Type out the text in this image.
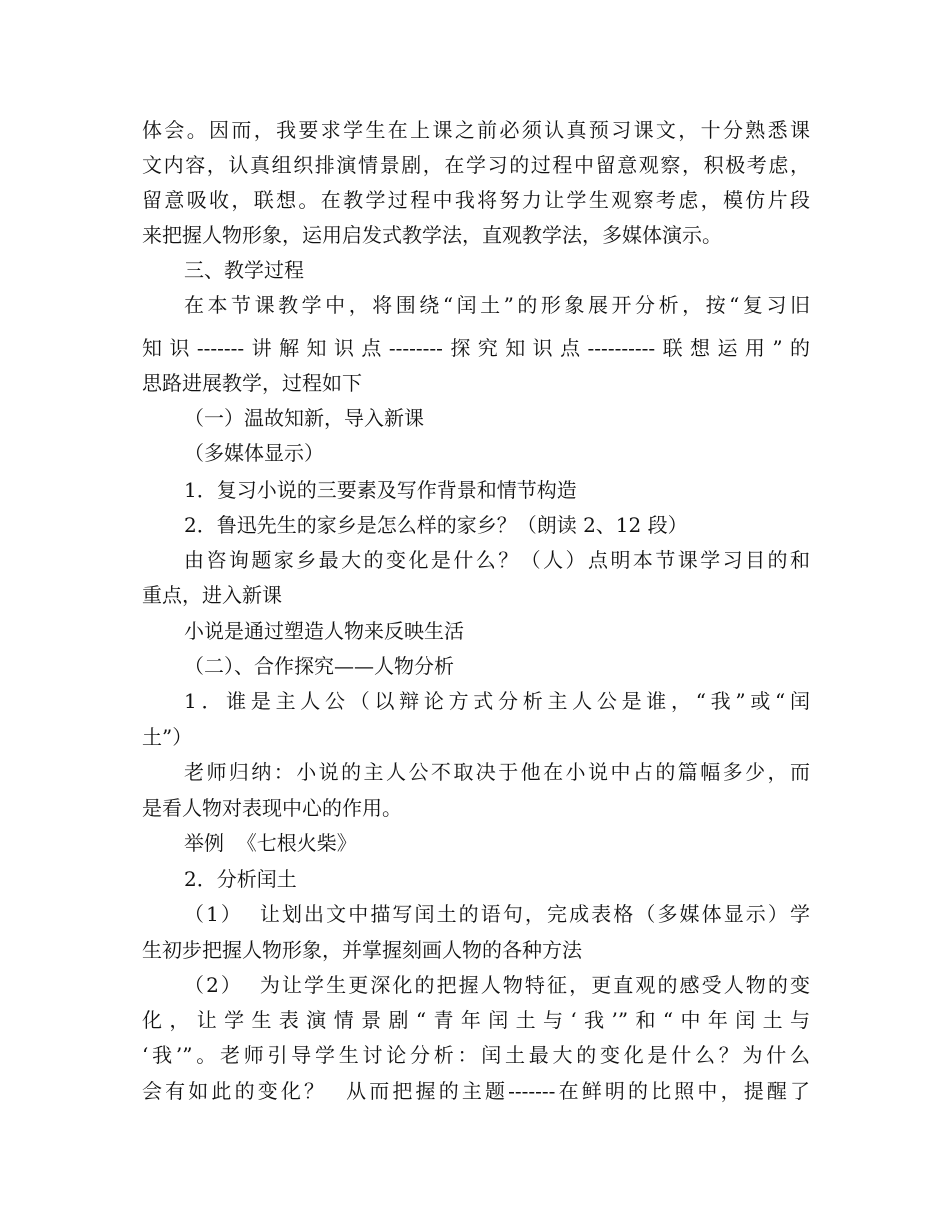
体会。因而，我要求学生在上课之前必须认真预习课文，十分熟悉课
文内容，认真组织排演情景剧，在学习的过程中留意观察，积极考虑，
留意吸收，联想。在教学过程中我将努力让学生观察考虑，模仿片段
来把握人物形象，运用启发式教学法，直观教学法，多媒体演示。
三、教学过程
在本节课教学中，将围绕“闰土”的形象展开分析，按“复习旧
知识-------讲解知识点--------探究知识点----------联想运用”的
思路进展教学，过程如下
（一）温故知新，导入新课
（多媒体显示）
1．复习小说的三要素及写作背景和情节构造
2．鲁迅先生的家乡是怎么样的家乡？（朗读 2、12 段）
由咨询题家乡最大的变化是什么？（人）点明本节课学习目的和
重点，进入新课
小说是通过塑造人物来反映生活
（二）、合作探究——人物分析
1．谁是主人公（以辩论方式分析主人公是谁，“我”或“闰
土”）
老师归纳：小说的主人公不取决于他在小说中占的篇幅多少，而
是看人物对表现中心的作用。
举例  《七根火柴》
2．分析闰土
（1）  让划出文中描写闰土的语句，完成表格（多媒体显示）学
生初步把握人物形象，并掌握刻画人物的各种方法
（2）  为让学生更深化的把握人物特征，更直观的感受人物的变
化，让学生表演情景剧“青年闰土与‘我’”和“中年闰土与
‘我’”。老师引导学生讨论分析：闰土最大的变化是什么？为什么
会有如此的变化？  从而把握的主题-------在鲜明的比照中，提醒了
